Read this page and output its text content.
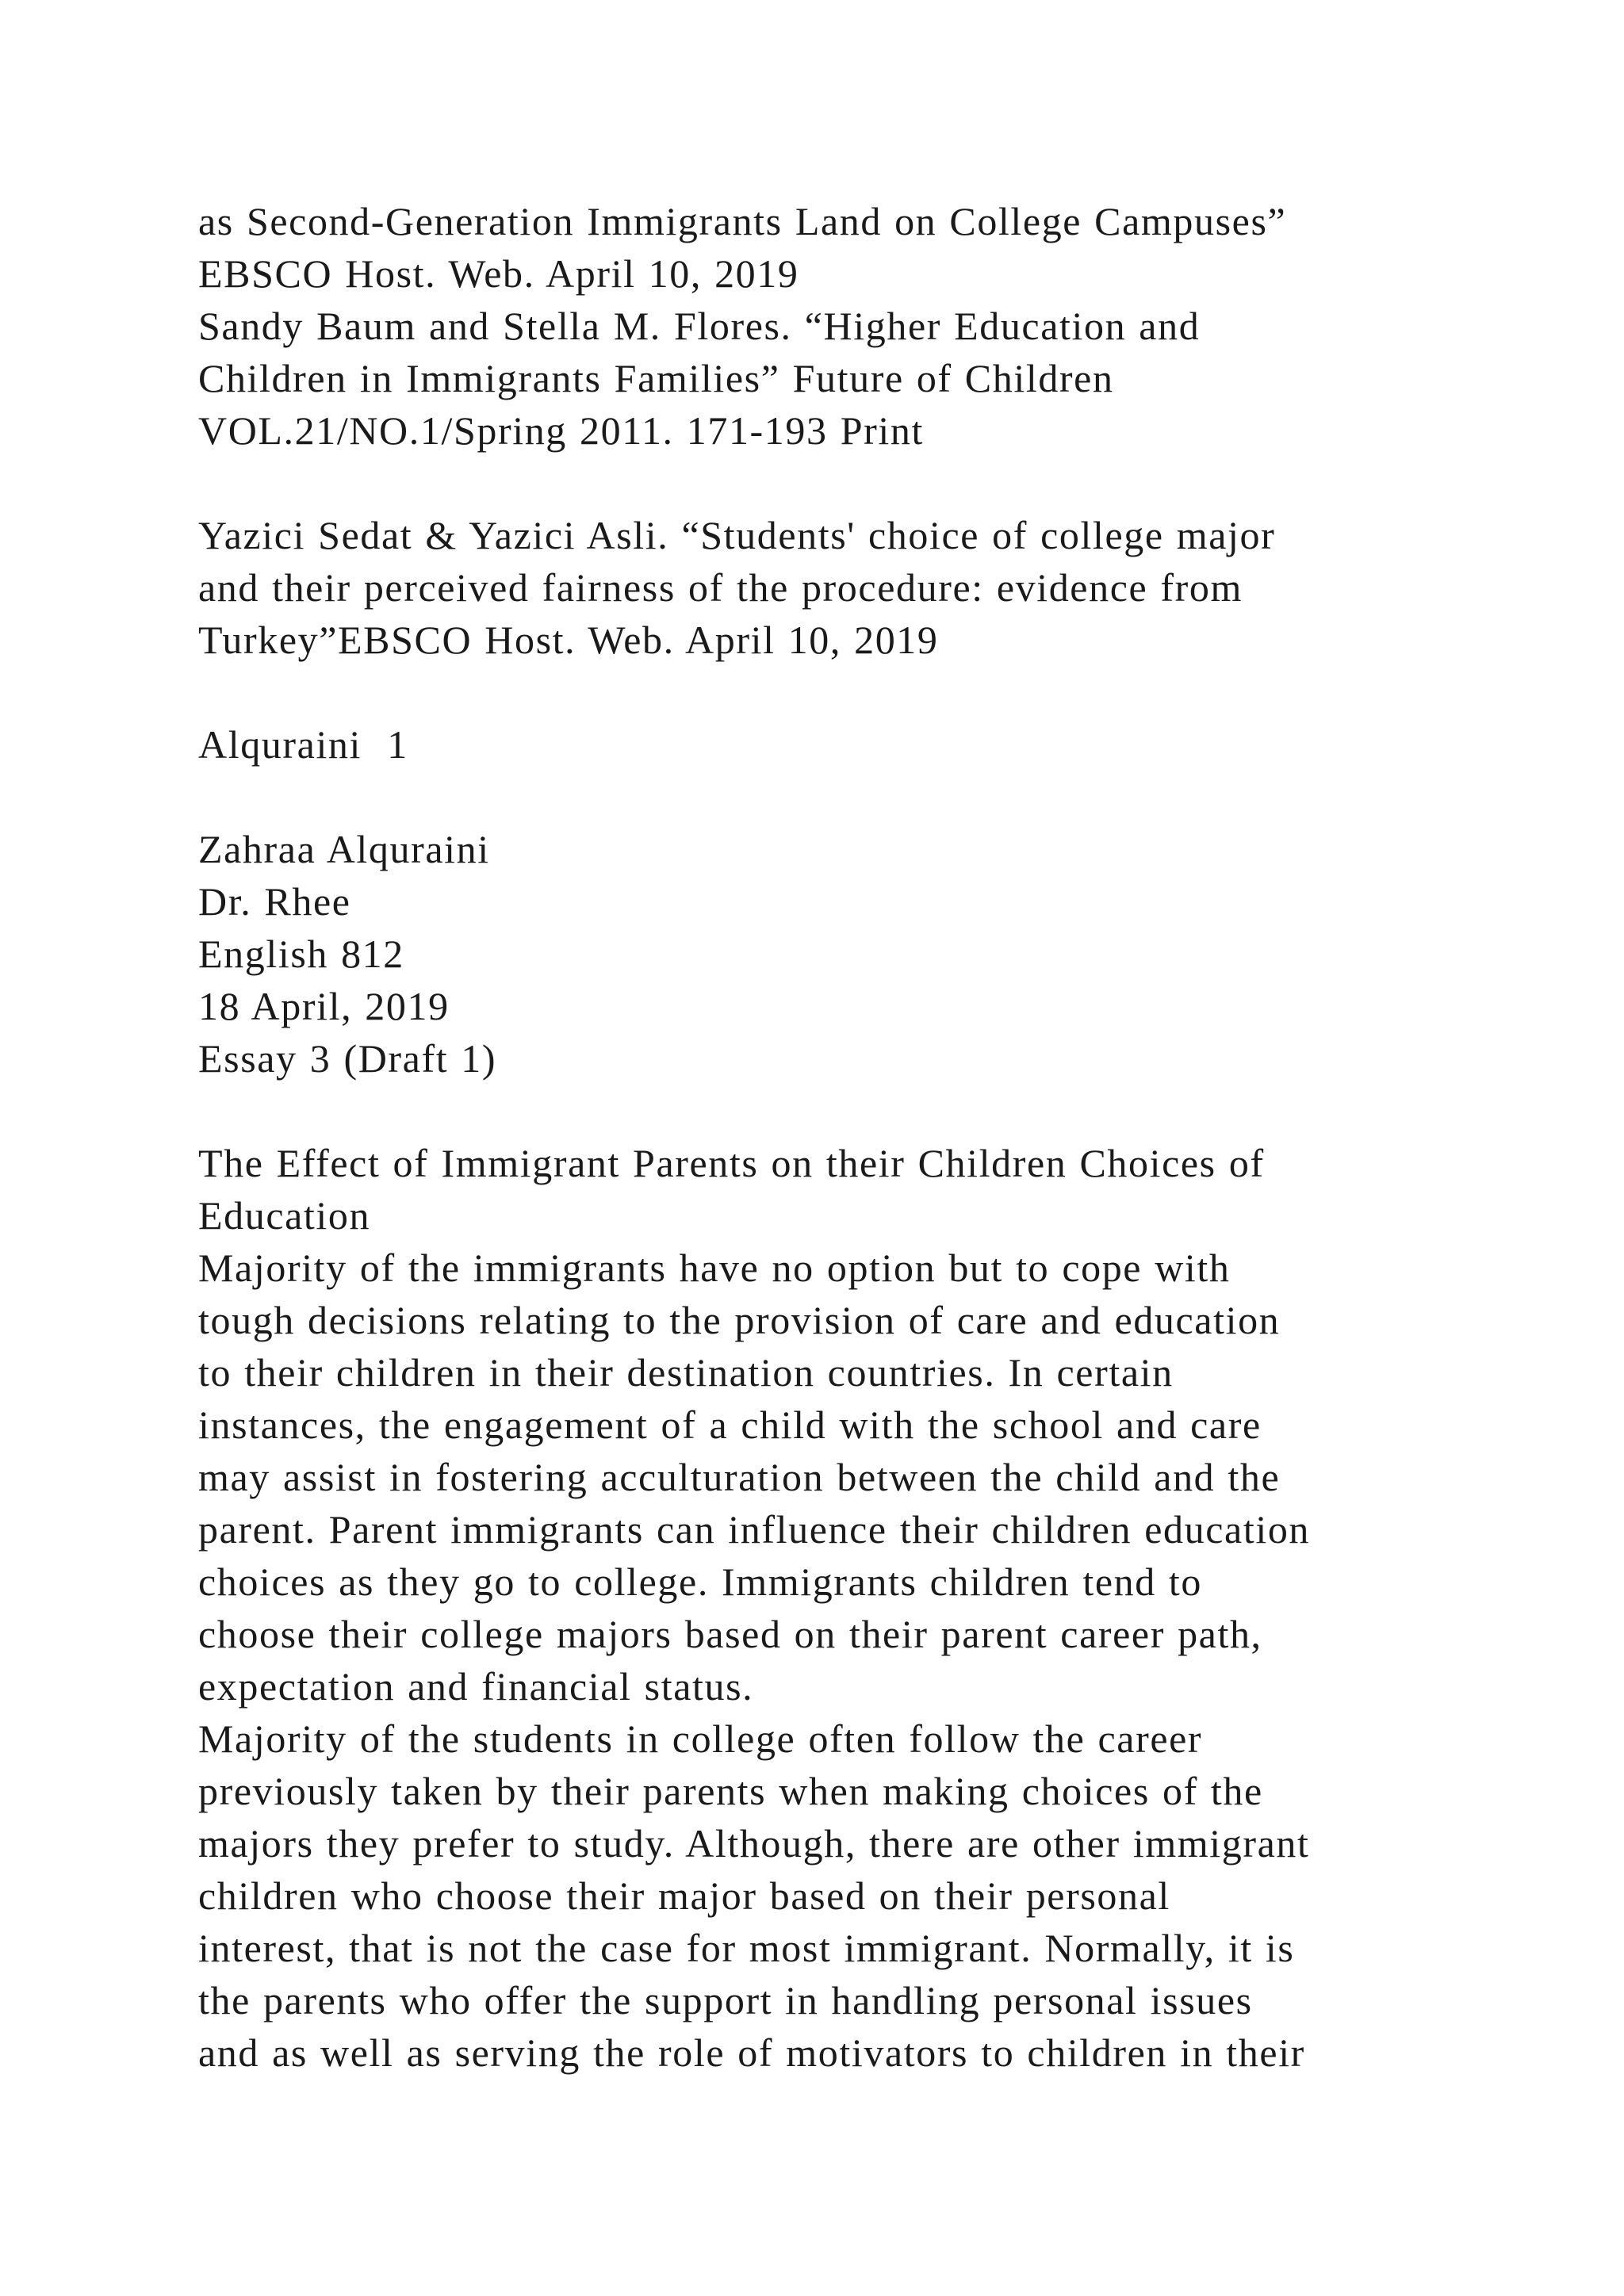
as Second-Generation Immigrants Land on College Campuses”
EBSCO Host. Web. April 10, 2019
Sandy Baum and Stella M. Flores. “Higher Education and
Children in Immigrants Families” Future of Children
VOL.21/NO.1/Spring 2011. 171-193 Print
Yazici Sedat & Yazici Asli. “Students' choice of college major
and their perceived fairness of the procedure: evidence from
Turkey”EBSCO Host. Web. April 10, 2019
Alquraini  1
Zahraa Alquraini
Dr. Rhee
English 812
18 April, 2019
Essay 3 (Draft 1)
The Effect of Immigrant Parents on their Children Choices of
Education
Majority of the immigrants have no option but to cope with
tough decisions relating to the provision of care and education
to their children in their destination countries. In certain
instances, the engagement of a child with the school and care
may assist in fostering acculturation between the child and the
parent. Parent immigrants can influence their children education
choices as they go to college. Immigrants children tend to
choose their college majors based on their parent career path,
expectation and financial status.
Majority of the students in college often follow the career
previously taken by their parents when making choices of the
majors they prefer to study. Although, there are other immigrant
children who choose their major based on their personal
interest, that is not the case for most immigrant. Normally, it is
the parents who offer the support in handling personal issues
and as well as serving the role of motivators to children in their
